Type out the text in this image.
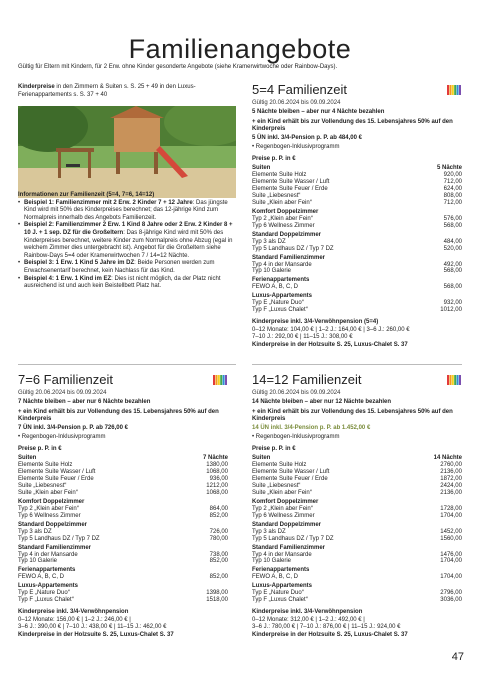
Familienangebote
Gültig für Eltern mit Kindern, für 2 Erw. ohne Kinder gesonderte Angebote (siehe Kramerwirtwoche oder Rainbow-Days).
Kinderpreise in den Zimmern & Suiten s. S. 25 + 49 in den Luxus-Ferienappartements s. S. 37 + 40
Informationen zur Familienzeit (5=4, 7=6, 14=12)
• Beispiel 1: Familienzimmer mit 2 Erw. 2 Kinder 7 + 12 Jahre: Das jüngste Kind wird mit 50% des Kinderpreises berechnet; das 12-jährige Kind zum Normalpreis innerhalb des Angebots Familienzeit.
• Beispiel 2: Familienzimmer 2 Erw. 1 Kind 8 Jahre oder 2 Erw. 2 Kinder 8 + 10 J. + 1 sep. DZ für die Großeltern: Das 8-jährige Kind wird mit 50% des Kinderpreises berechnet, weitere Kinder zum Normalpreis ohne Abzug (egal in welchem Zimmer dies untergebracht ist). Angebot für die Großeltern siehe Rainbow-Days 5=4 oder Kramerwirtwochen 7 / 14=12 Nächte.
• Beispiel 3: 1 Erw. 1 Kind 5 Jahre im DZ: Beide Personen werden zum Erwachsenentarif berechnet, kein Nachlass für das Kind.
• Beispiel 4: 1 Erw. 1 Kind im EZ: Dies ist nicht möglich, da der Platz nicht ausreichend ist und auch kein Beistellbett Platz hat.
5=4 Familienzeit
Gültig 20.06.2024 bis 09.09.2024
5 Nächte bleiben – aber nur 4 Nächte bezahlen
+ ein Kind erhält bis zur Vollendung des 15. Lebensjahres 50% auf den Kinderpreis
5 ÜN inkl. 3/4-Pension p. P. ab 484,00 €
• Regenbogen-Inklusivprogramm
Preise p. P. in €	
Suiten	5 Nächte
Elemente Suite Holz	920,00
Elemente Suite Wasser / Luft	712,00
Elemente Suite Feuer / Erde	624,00
Suite „Liebesnest“	808,00
Suite „Klein aber Fein“	712,00
Komfort Doppelzimmer	
Typ 2 „Klein aber Fein“	576,00
Typ 6 Wellness Zimmer	568,00
Standard Doppelzimmer	
Typ 3 als DZ	484,00
Typ 5 Landhaus DZ / Typ 7 DZ	520,00
Standard Familienzimmer	
Typ 4 in der Mansarde	492,00
Typ 10 Galerie	568,00
Ferienappartements	
FEWO A, B, C, D	568,00
Luxus-Appartements	
Typ E „Nature Duo“	932,00
Typ F „Luxus Chalet“	1012,00
Kinderpreise inkl. 3/4-Verwöhnpension (5=4)
0–12 Monate: 104,00 € | 1–2 J.: 164,00 € | 3–6 J.: 260,00 €
7–10 J.: 292,00 € | 11–15 J.: 308,00 €
Kinderpreise in der Holzsuite S. 25, Luxus-Chalet S. 37
7=6 Familienzeit
Gültig 20.06.2024 bis 09.09.2024
7 Nächte bleiben – aber nur 6 Nächte bezahlen
+ ein Kind erhält bis zur Vollendung des 15. Lebensjahres 50% auf den Kinderpreis
7 ÜN inkl. 3/4-Pension p. P. ab 726,00 €
• Regenbogen-Inklusivprogramm
Preise p. P. in €	
Suiten	7 Nächte
Elemente Suite Holz	1380,00
Elemente Suite Wasser / Luft	1068,00
Elemente Suite Feuer / Erde	936,00
Suite „Liebesnest“	1212,00
Suite „Klein aber Fein“	1068,00
Komfort Doppelzimmer	
Typ 2 „Klein aber Fein“	864,00
Typ 6 Wellness Zimmer	852,00
Standard Doppelzimmer	
Typ 3 als DZ	726,00
Typ 5 Landhaus DZ / Typ 7 DZ	780,00
Standard Familienzimmer	
Typ 4 in der Mansarde	738,00
Typ 10 Galerie	852,00
Ferienappartements	
FEWO A, B, C, D	852,00
Luxus-Appartements	
Typ E „Nature Duo“	1398,00
Typ F „Luxus Chalet“	1518,00
Kinderpreise inkl. 3/4-Verwöhnpension
0–12 Monate: 156,00 € | 1–2 J.: 246,00 € |
3–6 J.: 390,00 € | 7–10 J.: 438,00 € | 11–15 J.: 462,00 €
Kinderpreise in der Holzsuite S. 25, Luxus-Chalet S. 37
14=12 Familienzeit
Gültig 20.06.2024 bis 09.09.2024
14 Nächte bleiben – aber nur 12 Nächte bezahlen
+ ein Kind erhält bis zur Vollendung des 15. Lebensjahres 50% auf den Kinderpreis
14 ÜN inkl. 3/4-Pension p. P. ab 1.452,00 €
• Regenbogen-Inklusivprogramm
Preise p. P. in €	
Suiten	14 Nächte
Elemente Suite Holz	2760,00
Elemente Suite Wasser / Luft	2136,00
Elemente Suite Feuer / Erde	1872,00
Suite „Liebesnest“	2424,00
Suite „Klein aber Fein“	2136,00
Komfort Doppelzimmer	
Typ 2 „Klein aber Fein“	1728,00
Typ 6 Wellness Zimmer	1704,00
Standard Doppelzimmer	
Typ 3 als DZ	1452,00
Typ 5 Landhaus DZ / Typ 7 DZ	1560,00
Standard Familienzimmer	
Typ 4 in der Mansarde	1476,00
Typ 10 Galerie	1704,00
Ferienappartements	
FEWO A, B, C, D	1704,00
Luxus-Appartements	
Typ E „Nature Duo“	2796,00
Typ F „Luxus Chalet“	3036,00
Kinderpreise inkl. 3/4-Verwöhnpension
0–12 Monate: 312,00 € | 1–2 J.: 492,00 € |
3–6 J.: 780,00 € | 7–10 J.: 876,00 € | 11–15 J.: 924,00 €
Kinderpreise in der Holzsuite S. 25, Luxus-Chalet S. 37
47
